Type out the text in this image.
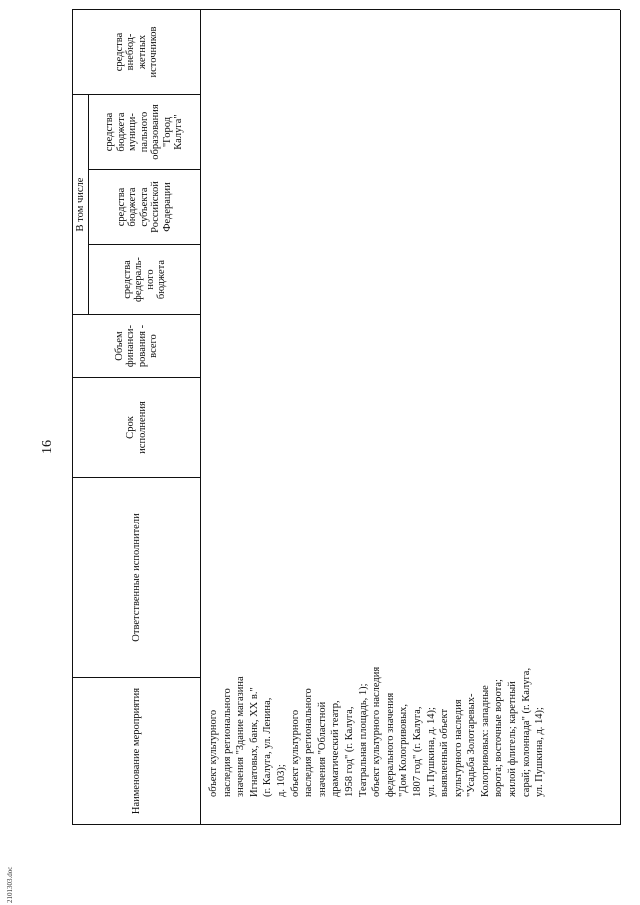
2101303.doc
16
Наименование мероприятия
Ответственные исполнители
Срок
исполнения
Объем
финанси-
рования -
всего
В том числе
средства
федераль-
ного
бюджета
средства
бюджета
субъекта
Российской
Федерации
средства
бюджета
муници-
пального
образования
"Город
Калуга"
средства
внебюд-
жетных
источников
объект культурного
наследия регионального
значения "Здание магазина
Игнатовых, банк, XX в."
(г. Калуга, ул. Ленина,
д. 103);
объект культурного
наследия регионального
значения "Областной
драматический театр,
1958 год" (г. Калуга,
Театральная площадь, 1);
объект культурного наследия
федерального значения
"Дом Кологривовых,
1807 год" (г. Калуга,
ул. Пушкина, д. 14);
выявленный объект
культурного наследия
"Усадьба Золотаревых-
Кологривовых: западные
ворота; восточные ворота;
жилой флигель; каретный
сарай; колоннада" (г. Калуга,
ул. Пушкина, д. 14);
